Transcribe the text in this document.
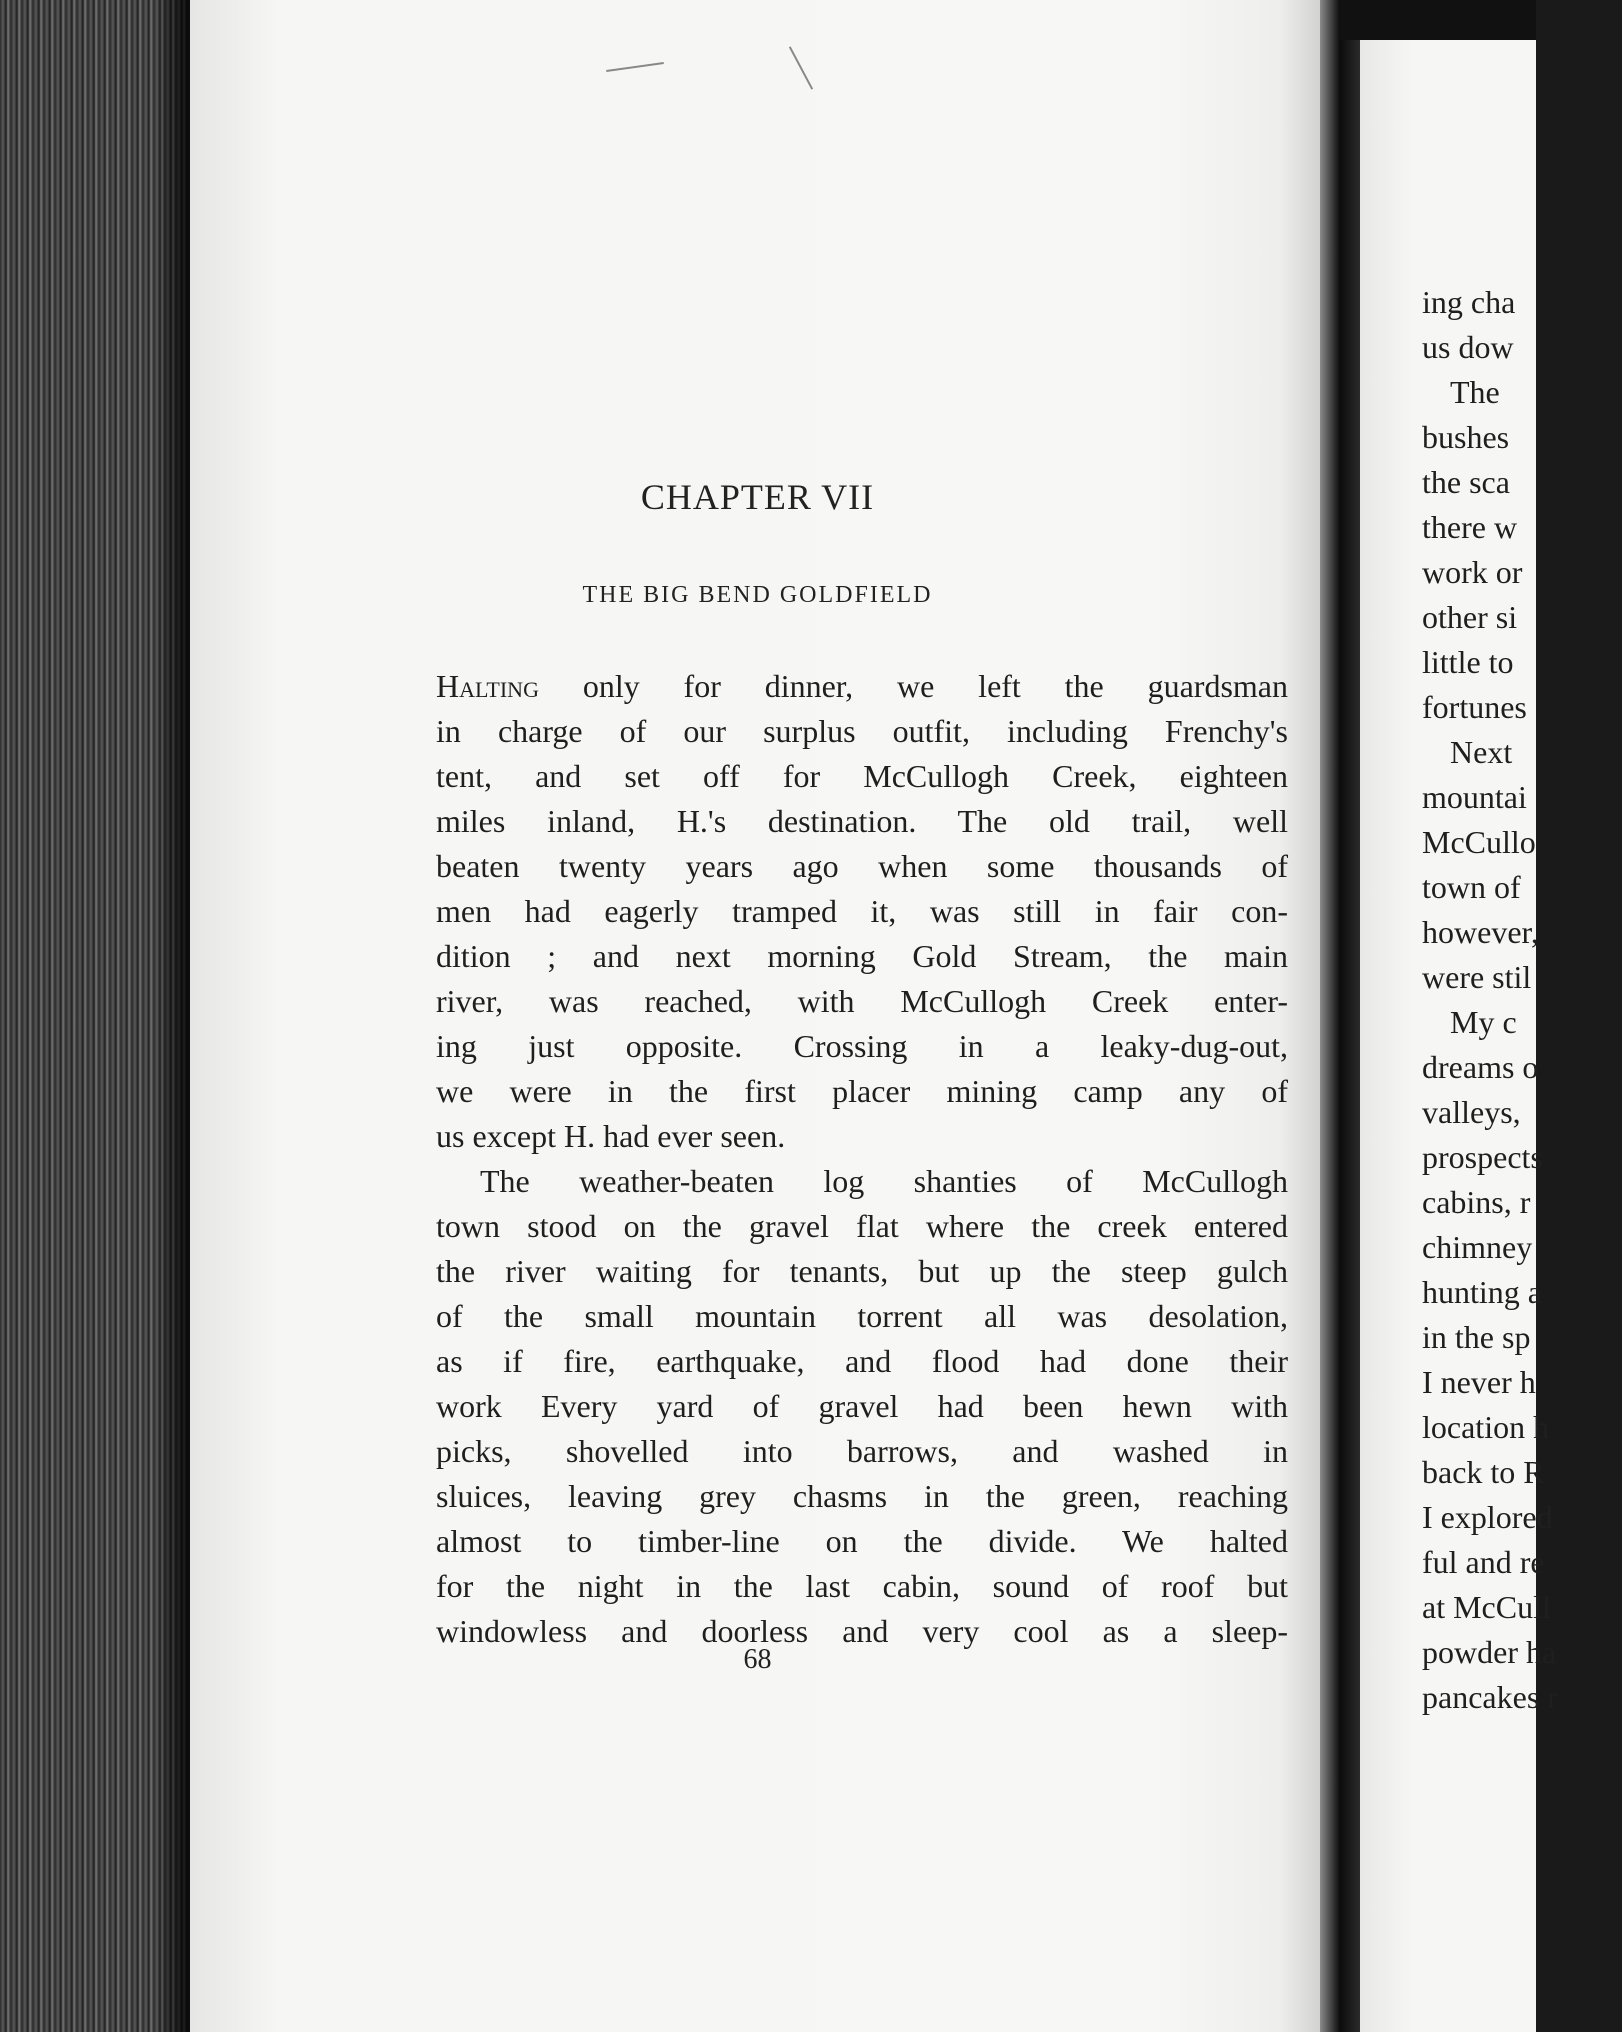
CHAPTER VII
THE BIG BEND GOLDFIELD
Halting only for dinner, we left the guardsman
in charge of our surplus outfit, including Frenchy's
tent, and set off for McCullogh Creek, eighteen
miles inland, H.'s destination. The old trail, well
beaten twenty years ago when some thousands of
men had eagerly tramped it, was still in fair con-
dition ; and next morning Gold Stream, the main
river, was reached, with McCullogh Creek enter-
ing just opposite. Crossing in a leaky-dug-out,
we were in the first placer mining camp any of
us except H. had ever seen.
The weather-beaten log shanties of McCullogh
town stood on the gravel flat where the creek entered
the river waiting for tenants, but up the steep gulch
of the small mountain torrent all was desolation,
as if fire, earthquake, and flood had done their
work Every yard of gravel had been hewn with
picks, shovelled into barrows, and washed in
sluices, leaving grey chasms in the green, reaching
almost to timber-line on the divide. We halted
for the night in the last cabin, sound of roof but
windowless and doorless and very cool as a sleep-
68
ing cha
us dow
The
bushes
the sca
there w
work or
other si
little to
fortunes
Next
mountai
McCullo
town of
however,
were stil
My c
dreams o
valleys,
prospects
cabins, r
chimney
hunting a
in the sp
I never h
location h
back to R
I explored
ful and re
at McCull
powder ha
pancakes r
